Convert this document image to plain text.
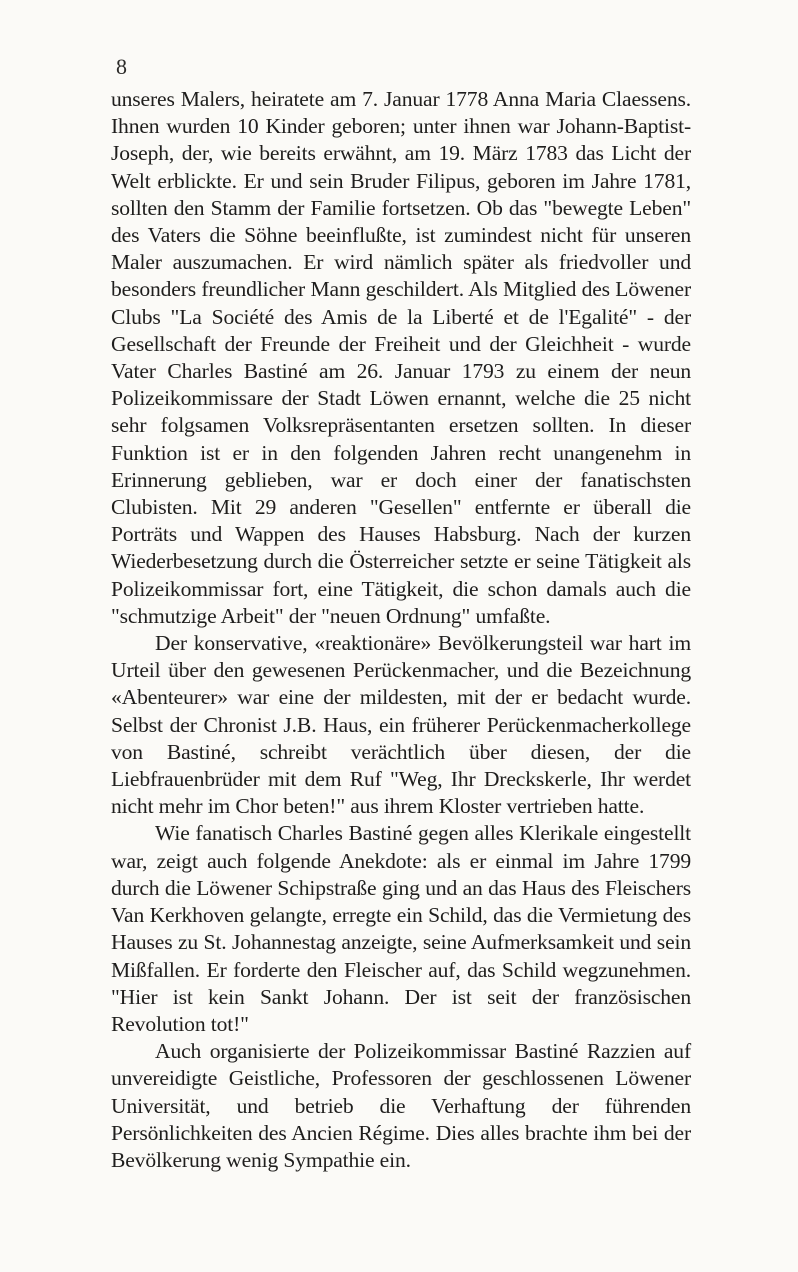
8

unseres Malers, heiratete am 7. Januar 1778 Anna Maria Claessens. Ihnen wurden 10 Kinder geboren; unter ihnen war Johann-Baptist-Joseph, der, wie bereits erwähnt, am 19. März 1783 das Licht der Welt erblickte. Er und sein Bruder Filipus, geboren im Jahre 1781, sollten den Stamm der Familie fortsetzen. Ob das "bewegte Leben" des Vaters die Söhne beeinflußte, ist zumindest nicht für unseren Maler auszumachen. Er wird nämlich später als friedvoller und besonders freundlicher Mann geschildert. Als Mitglied des Löwener Clubs "La Société des Amis de la Liberté et de l'Egalité" - der Gesellschaft der Freunde der Freiheit und der Gleichheit - wurde Vater Charles Bastiné am 26. Januar 1793 zu einem der neun Polizeikommissare der Stadt Löwen ernannt, welche die 25 nicht sehr folgsamen Volksrepräsentanten ersetzen sollten. In dieser Funktion ist er in den folgenden Jahren recht unangenehm in Erinnerung geblieben, war er doch einer der fanatischsten Clubisten. Mit 29 anderen "Gesellen" entfernte er überall die Porträts und Wappen des Hauses Habsburg. Nach der kurzen Wiederbesetzung durch die Österreicher setzte er seine Tätigkeit als Polizeikommissar fort, eine Tätigkeit, die schon damals auch die "schmutzige Arbeit" der "neuen Ordnung" umfaßte.

Der konservative, «reaktionäre» Bevölkerungsteil war hart im Urteil über den gewesenen Perückenmacher, und die Bezeichnung «Abenteurer» war eine der mildesten, mit der er bedacht wurde. Selbst der Chronist J.B. Haus, ein früherer Perückenmacherkollege von Bastiné, schreibt verächtlich über diesen, der die Liebfrauenbrüder mit dem Ruf "Weg, Ihr Dreckskerle, Ihr werdet nicht mehr im Chor beten!" aus ihrem Kloster vertrieben hatte.

Wie fanatisch Charles Bastiné gegen alles Klerikale eingestellt war, zeigt auch folgende Anekdote: als er einmal im Jahre 1799 durch die Löwener Schipstraße ging und an das Haus des Fleischers Van Kerkhoven gelangte, erregte ein Schild, das die Vermietung des Hauses zu St. Johannestag anzeigte, seine Aufmerksamkeit und sein Mißfallen. Er forderte den Fleischer auf, das Schild wegzunehmen. "Hier ist kein Sankt Johann. Der ist seit der französischen Revolution tot!"

Auch organisierte der Polizeikommissar Bastiné Razzien auf unvereidigte Geistliche, Professoren der geschlossenen Löwener Universität, und betrieb die Verhaftung der führenden Persönlichkeiten des Ancien Régime. Dies alles brachte ihm bei der Bevölkerung wenig Sympathie ein.
